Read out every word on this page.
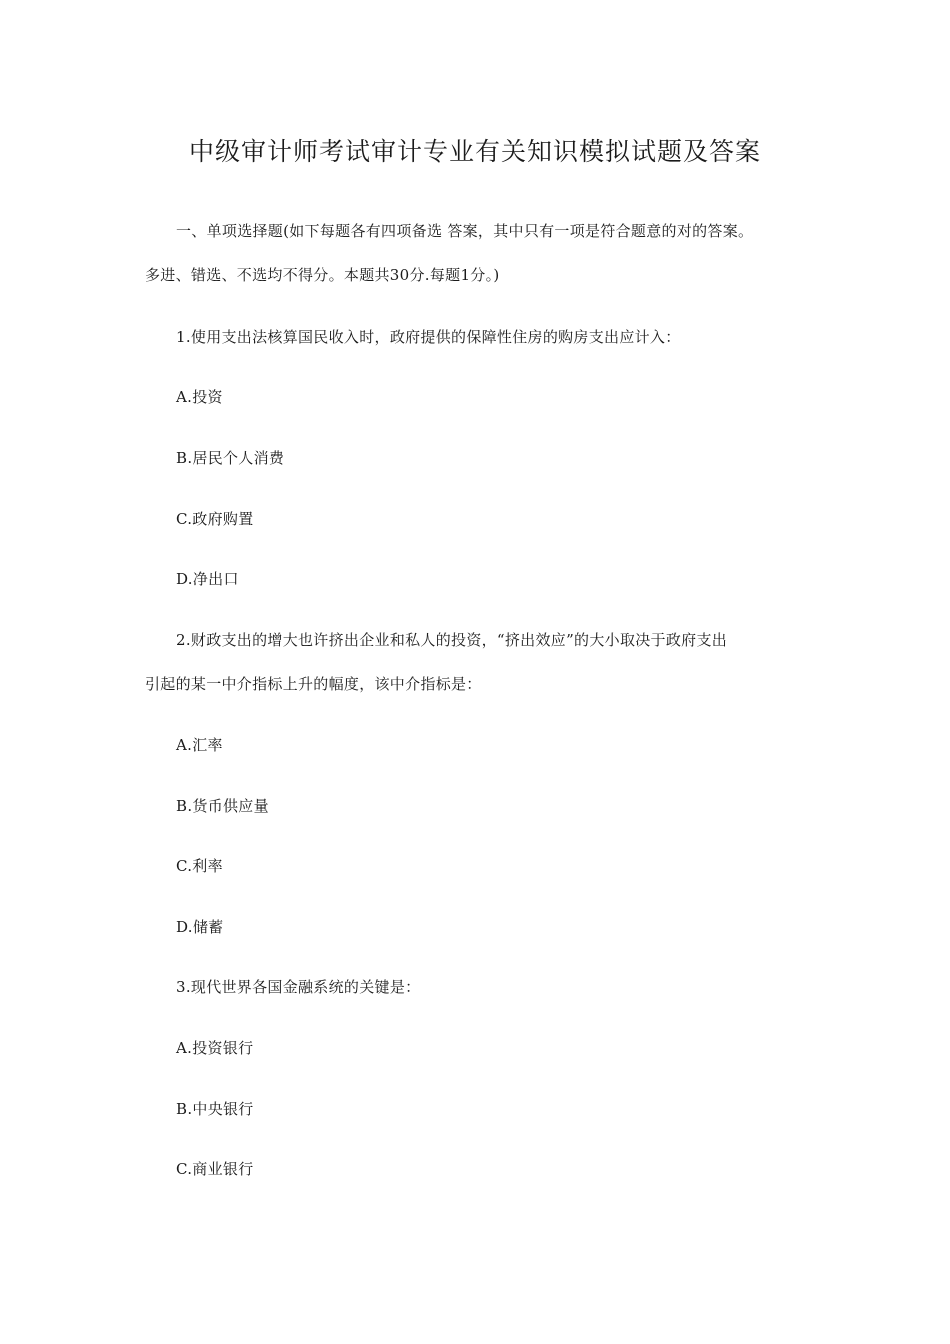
中级审计师考试审计专业有关知识模拟试题及答案
一、单项选择题(如下每题各有四项备选 答案，其中只有一项是符合题意的对的答案。
多进、错选、不选均不得分。本题共30分.每题1分。)
1.使用支出法核算国民收入时，政府提供的保障性住房的购房支出应计入：
A.投资
B.居民个人消费
C.政府购置
D.净出口
2.财政支出的增大也许挤出企业和私人的投资，“挤出效应”的大小取决于政府支出
引起的某一中介指标上升的幅度，该中介指标是：
A.汇率
B.货币供应量
C.利率
D.储蓄
3.现代世界各国金融系统的关键是：
A.投资银行
B.中央银行
C.商业银行
